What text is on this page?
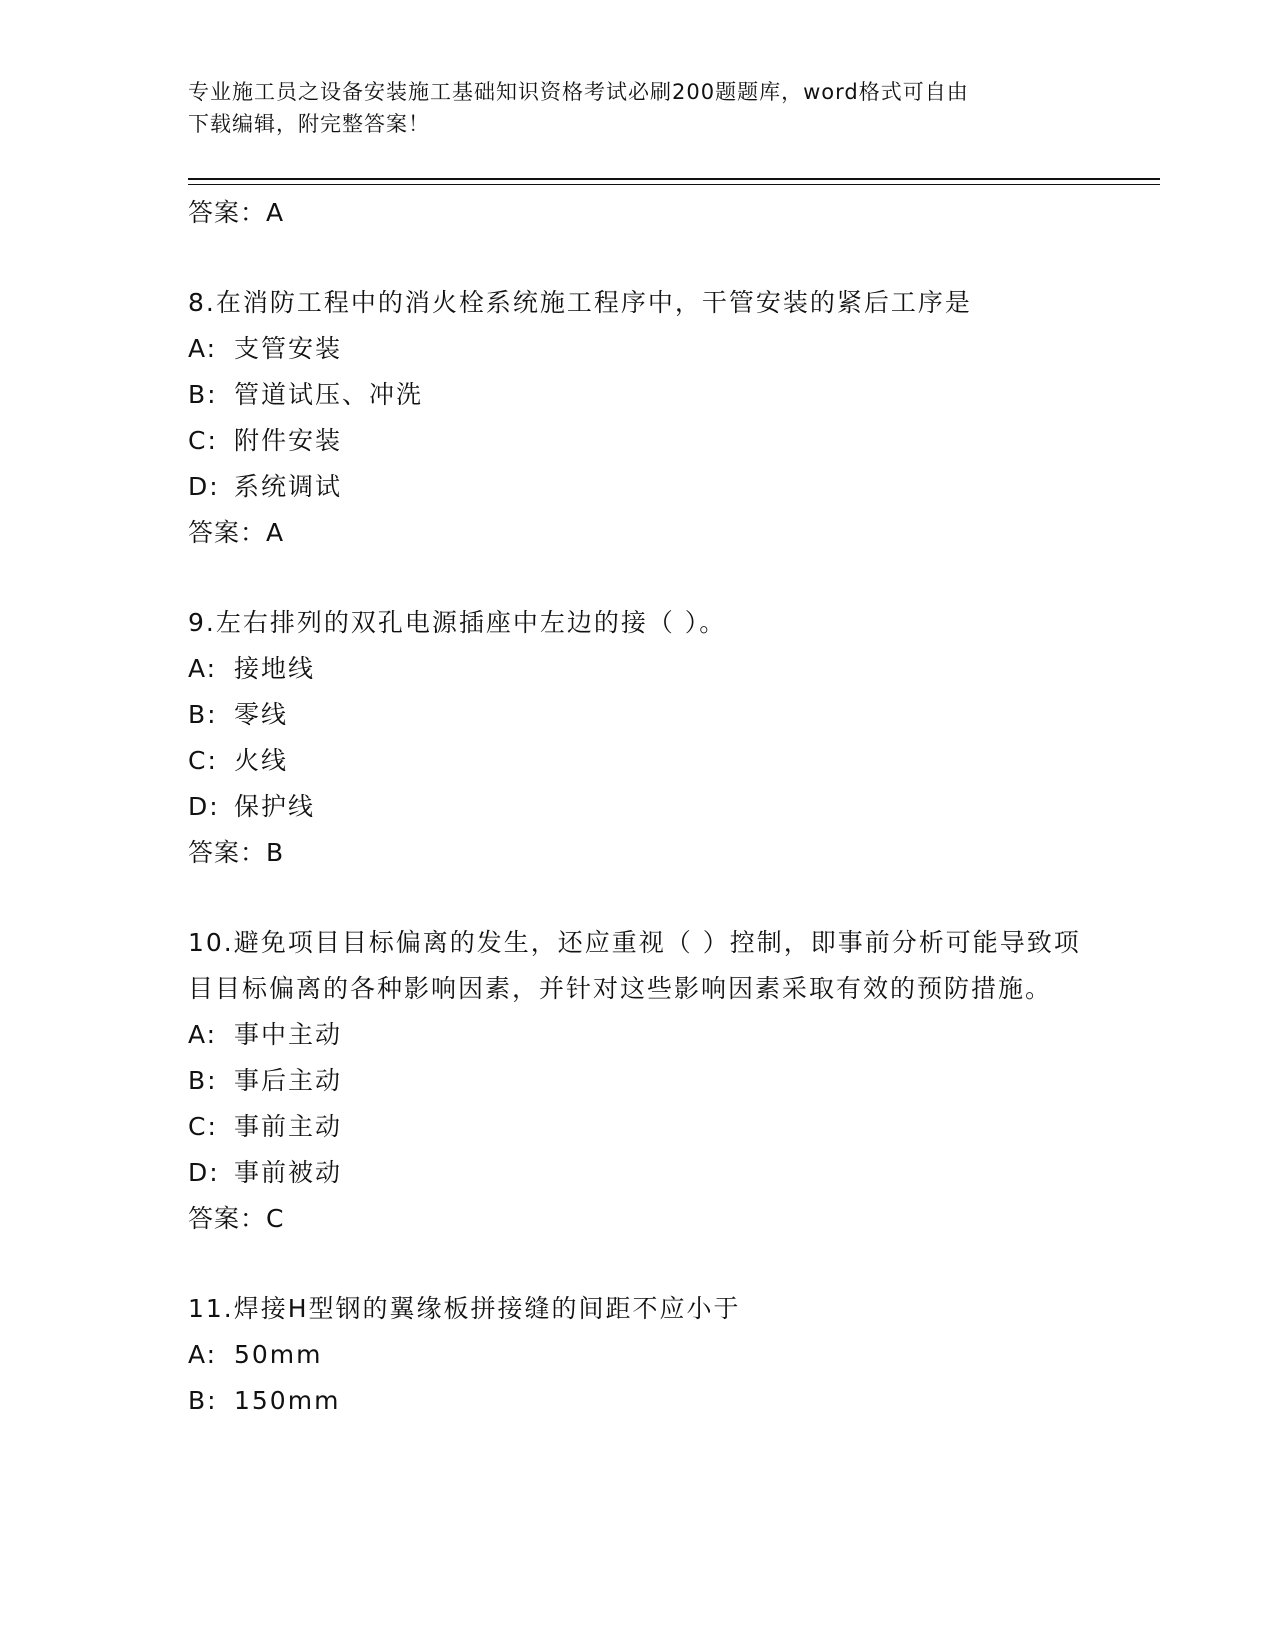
专业施工员之设备安装施工基础知识资格考试必刷200题题库，word格式可自由
下载编辑，附完整答案！
答案：A
8.在消防工程中的消火栓系统施工程序中，干管安装的紧后工序是
A: 支管安装
B: 管道试压、冲洗
C: 附件安装
D: 系统调试
答案：A
9.左右排列的双孔电源插座中左边的接（ ）。
A: 接地线
B: 零线
C: 火线
D: 保护线
答案：B
10.避免项目目标偏离的发生，还应重视（ ）控制，即事前分析可能导致项目目标偏离的各种影响因素，并针对这些影响因素采取有效的预防措施。
A: 事中主动
B: 事后主动
C: 事前主动
D: 事前被动
答案：C
11.焊接H型钢的翼缘板拼接缝的间距不应小于
A: 50mm
B: 150mm
